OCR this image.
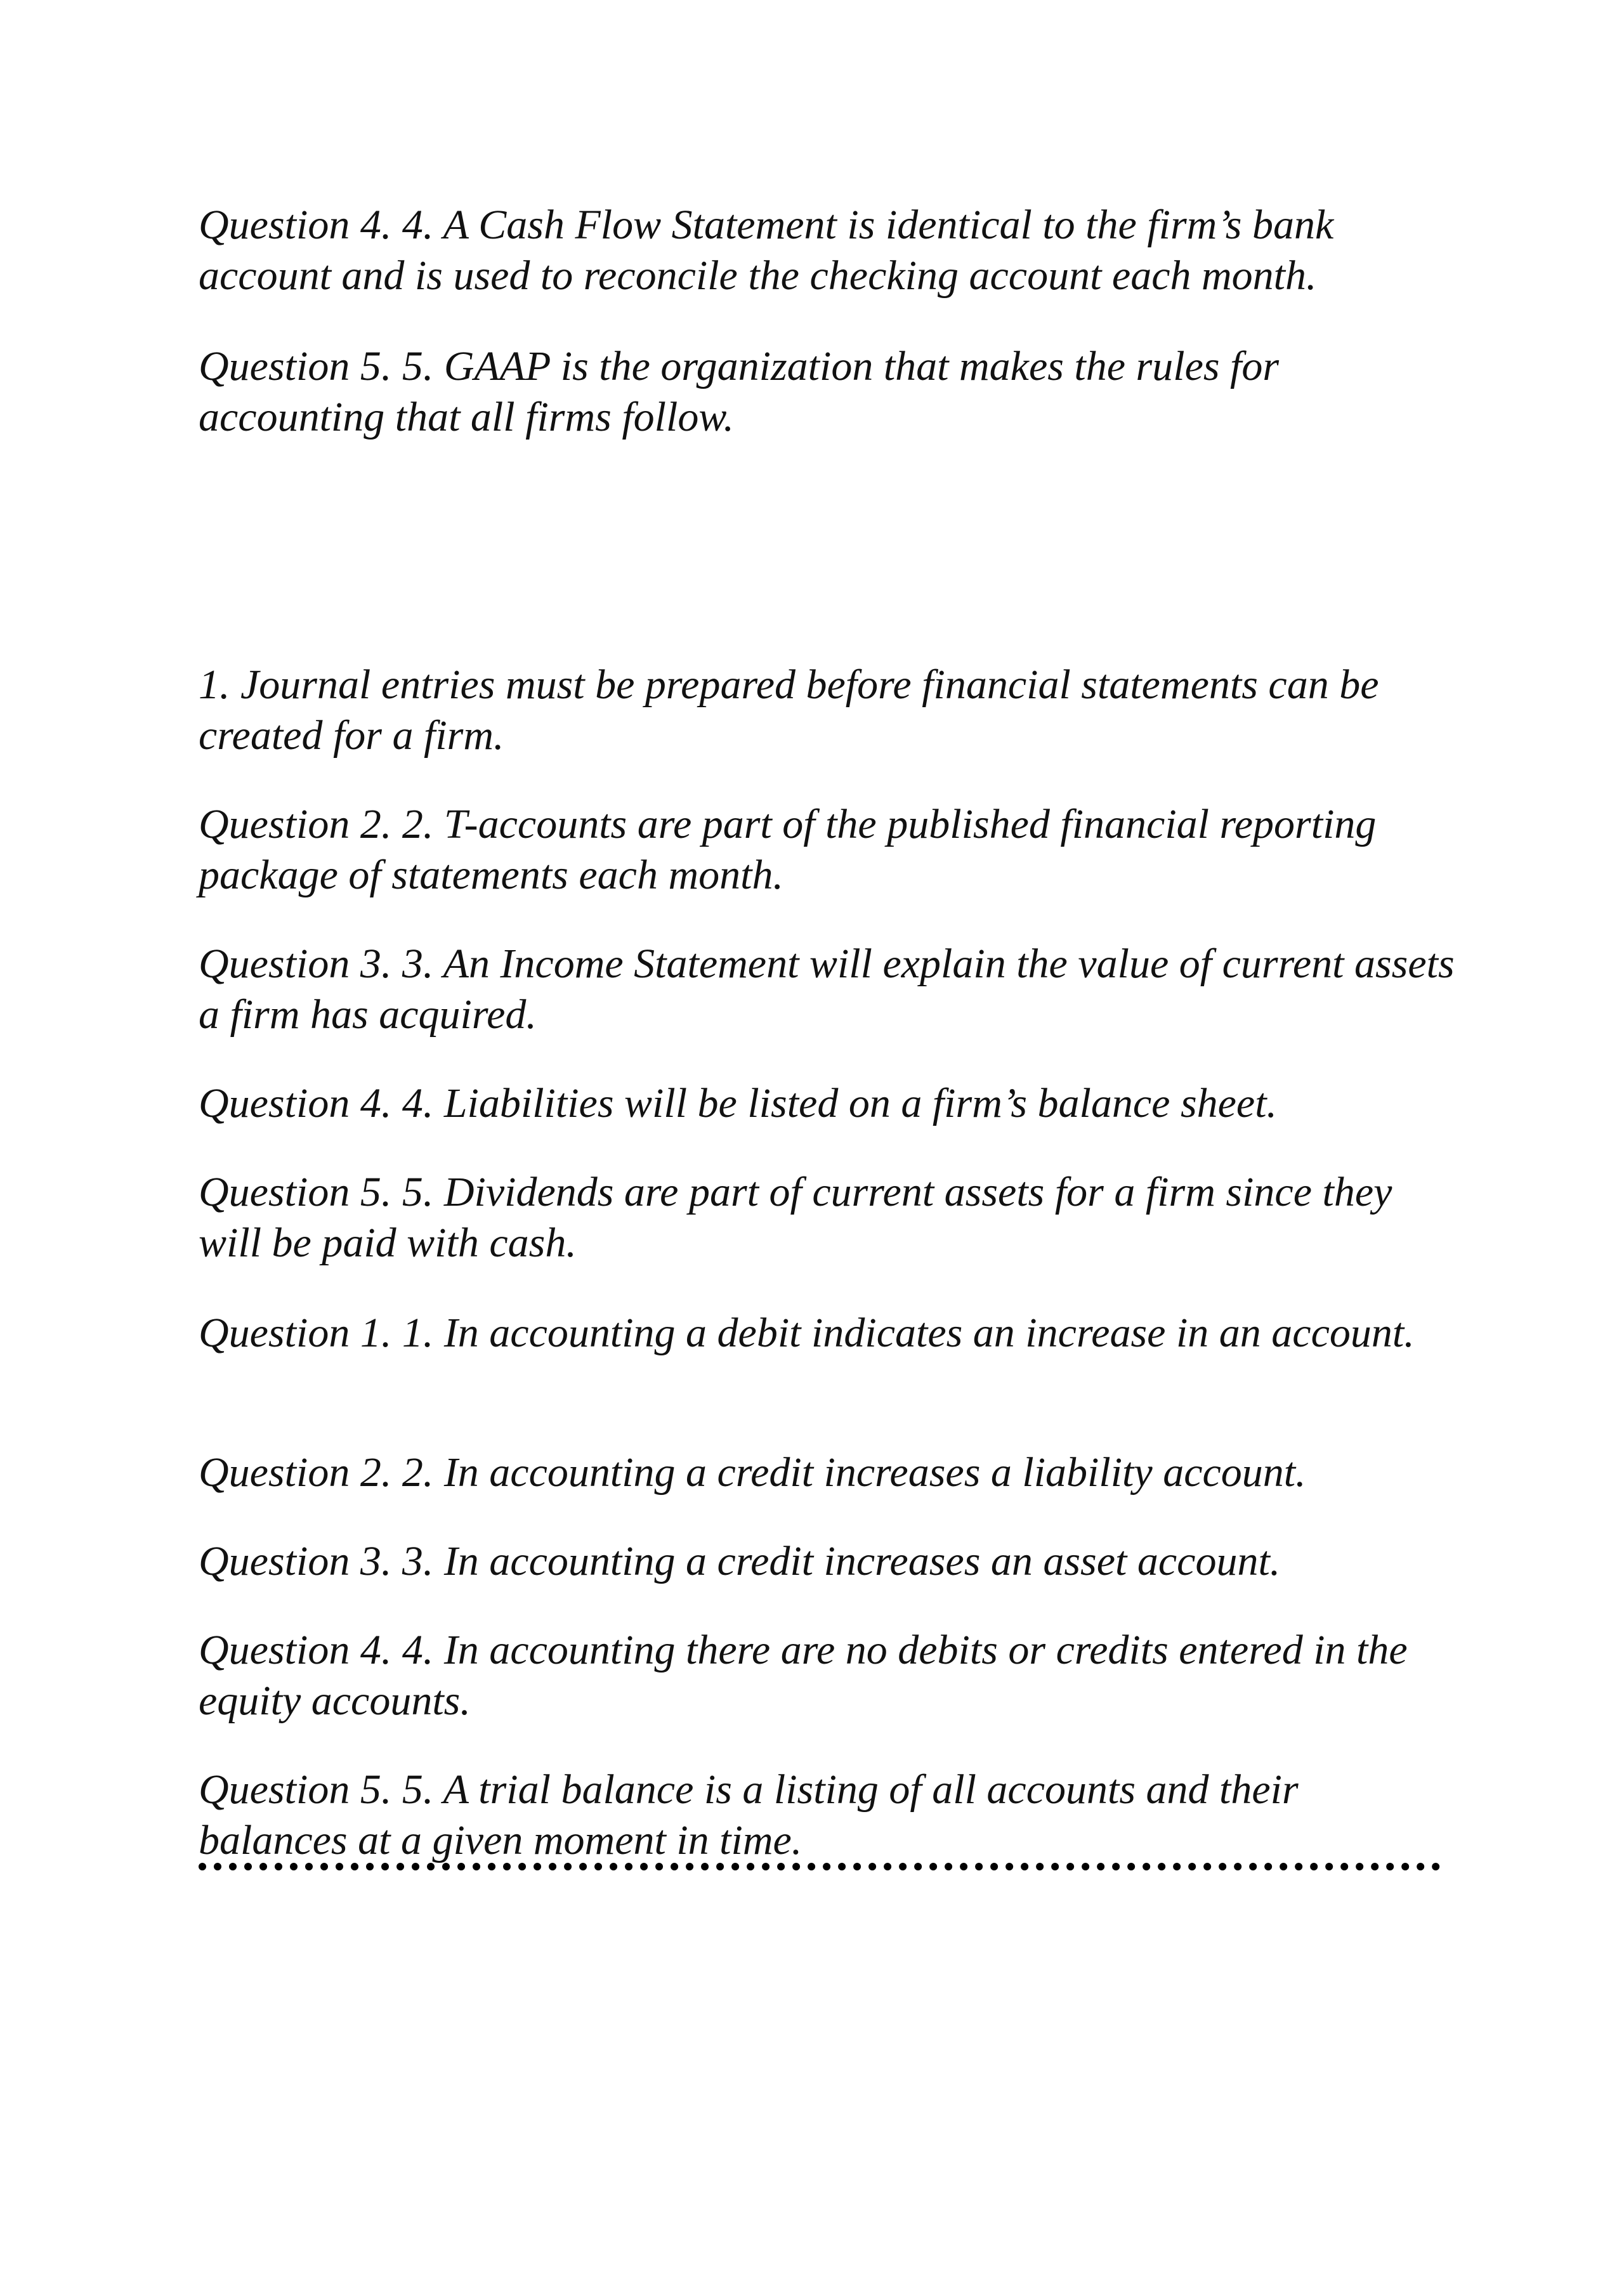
Question 4. 4. A Cash Flow Statement is identical to the firm’s bank account and is used to reconcile the checking account each month.

Question 5. 5. GAAP is the organization that makes the rules for accounting that all firms follow.

1. Journal entries must be prepared before financial statements can be created for a firm.

Question 2. 2. T-accounts are part of the published financial reporting package of statements each month.

Question 3. 3. An Income Statement will explain the value of current assets a firm has acquired.

Question 4. 4. Liabilities will be listed on a firm’s balance sheet.

Question 5. 5. Dividends are part of current assets for a firm since they will be paid with cash.

Question 1. 1. In accounting a debit indicates an increase in an account.

Question 2. 2. In accounting a credit increases a liability account.

Question 3. 3. In accounting a credit increases an asset account.

Question 4. 4. In accounting there are no debits or credits entered in the equity accounts.

Question 5. 5. A trial balance is a listing of all accounts and their balances at a given moment in time.
